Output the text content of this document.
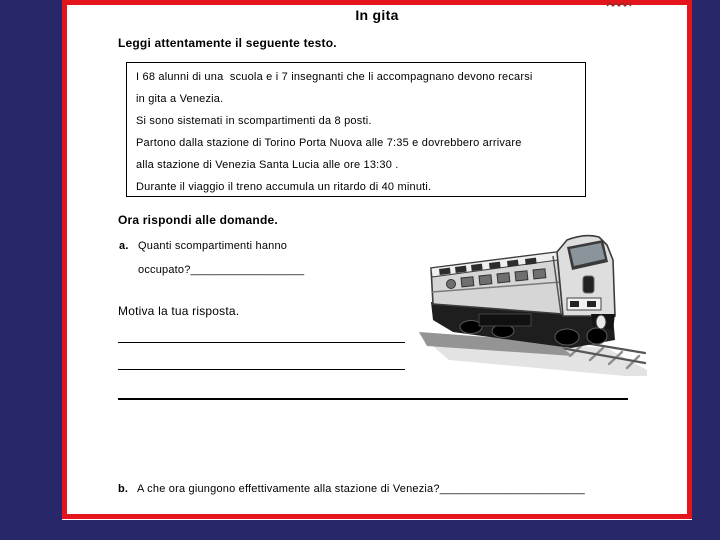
In gita
Leggi attentamente il seguente testo.
I 68 alunni di una  scuola e i 7 insegnanti che li accompagnano devono recarsi
in gita a Venezia.
Si sono sistemati in scompartimenti da 8 posti.
Partono dalla stazione di Torino Porta Nuova alle 7:35 e dovrebbero arrivare
alla stazione di Venezia Santa Lucia alle ore 13:30 .
Durante il viaggio il treno accumula un ritardo di 40 minuti.
Ora rispondi alle domande.
a. Quanti scompartimenti hanno
occupato?__________________
Motiva la tua risposta.
b. A che ora giungono effettivamente alla stazione di Venezia?_______________________
